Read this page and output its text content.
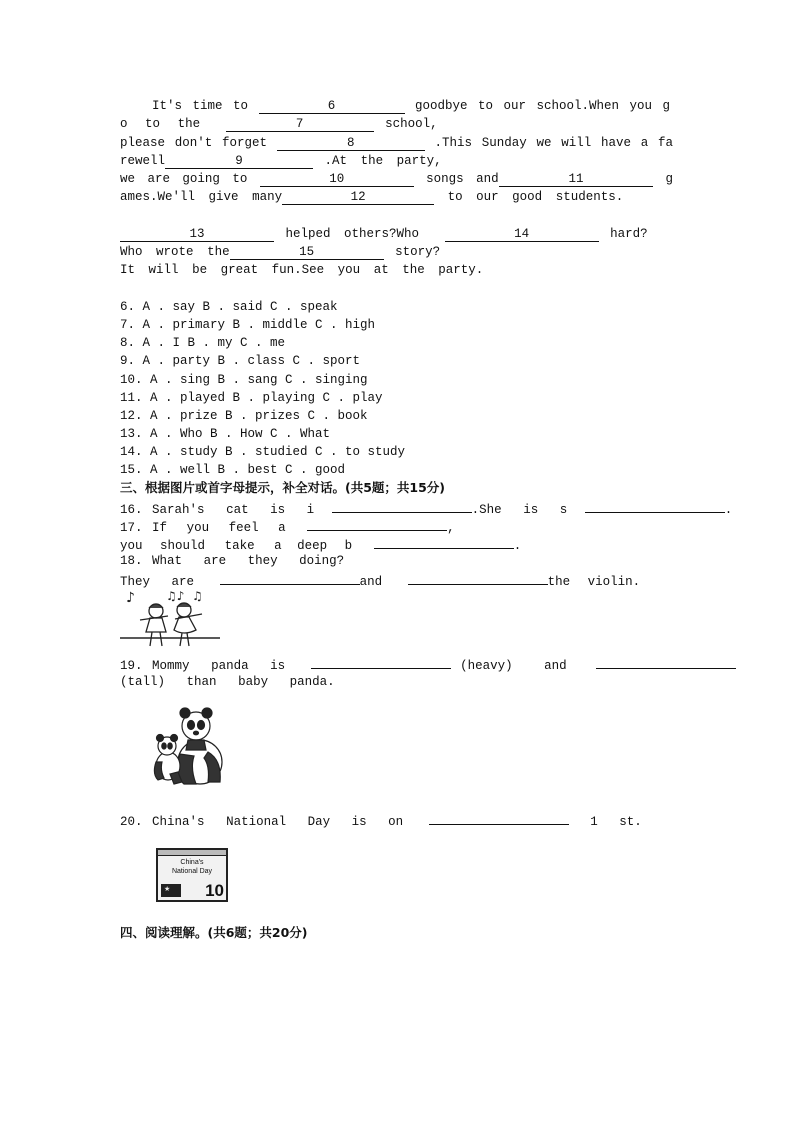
It's time to	6	goodbye to our school.When you g
o to the	7	school,
please don't forget	8	.This Sunday we will have a fa
rewell	9	.At the party,
we are going to	10	songs and	11	g
ames.We'll give many	12	to our good students.
13	helped others?Who	14	hard?
Who wrote the	15	story?
It will be great fun.See you at the party.
6. A . say B . said C . speak
7. A . primary B . middle C . high
8. A . I B . my C . me
9. A . party B . class C . sport
10. A . sing B . sang C . singing
11. A . played B . playing C . play
12. A . prize B . prizes C . book
13. A . Who B . How C . What
14. A . study B . studied C . to study
15. A . well B . best C . good
三、根据图片或首字母提示，补全对话。(共5题；共15分)
16. Sarah's cat is i	.She is s	.
17. If you feel a	,
you should take a deep b	.
18. What are they doing?
They are	and	the violin.
♪	♫♪ ♫
19. Mommy panda is	(heavy)	and
(tall) than baby panda.
20. China's National Day is on	1 st.
China's
National Day
★ 10
四、阅读理解。(共6题；共20分)
